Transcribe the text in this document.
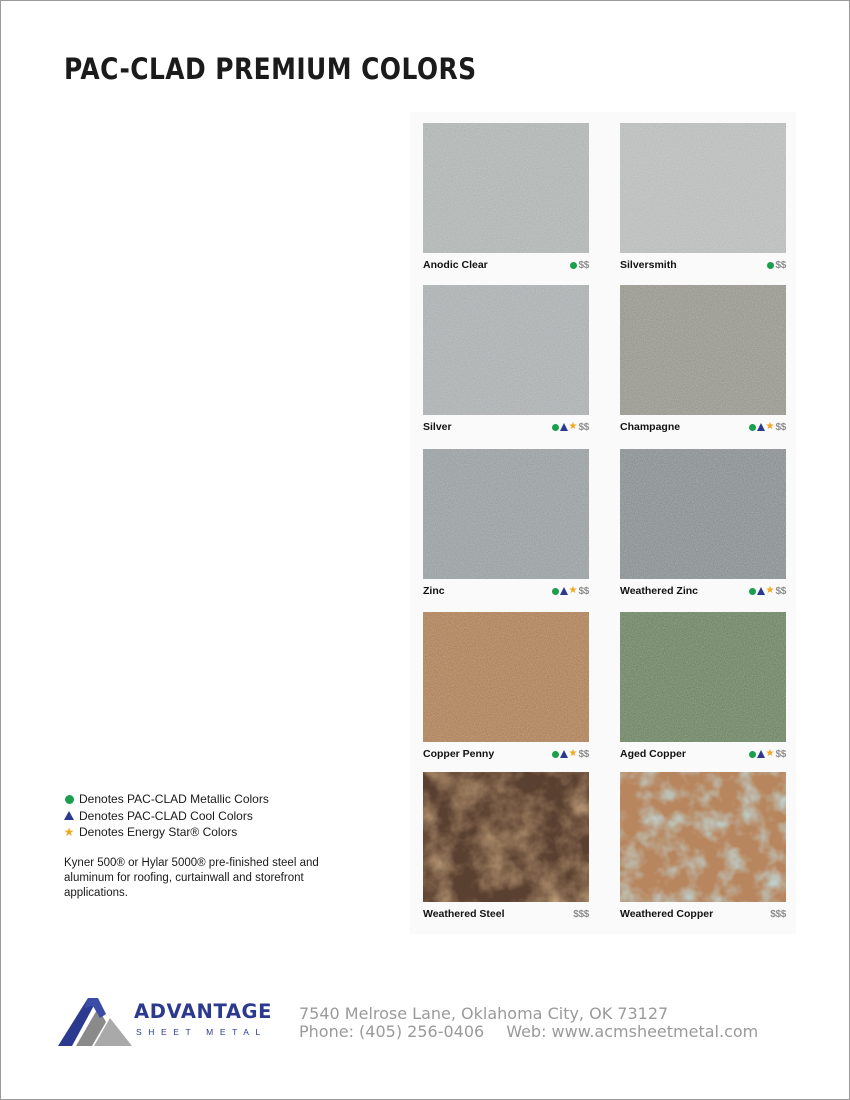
PAC-CLAD PREMIUM COLORS
Anodic Clear	$$	Silversmith	$$
Silver	★ $$	Champagne	★ $$
Zinc	★ $$	Weathered Zinc	★ $$
Copper Penny	★ $$	Aged Copper	★ $$
Weathered Steel	$$$	Weathered Copper	$$$
Denotes PAC-CLAD Metallic Colors
Denotes PAC-CLAD Cool Colors
★ Denotes Energy Star® Colors
Kyner 500® or Hylar 5000® pre-finished steel and aluminum for roofing, curtainwall and storefront applications.
ADVANTAGE
SHEET METAL
7540 Melrose Lane, Oklahoma City, OK 73127
Phone: (405) 256-0406 Web: www.acmsheetmetal.com
